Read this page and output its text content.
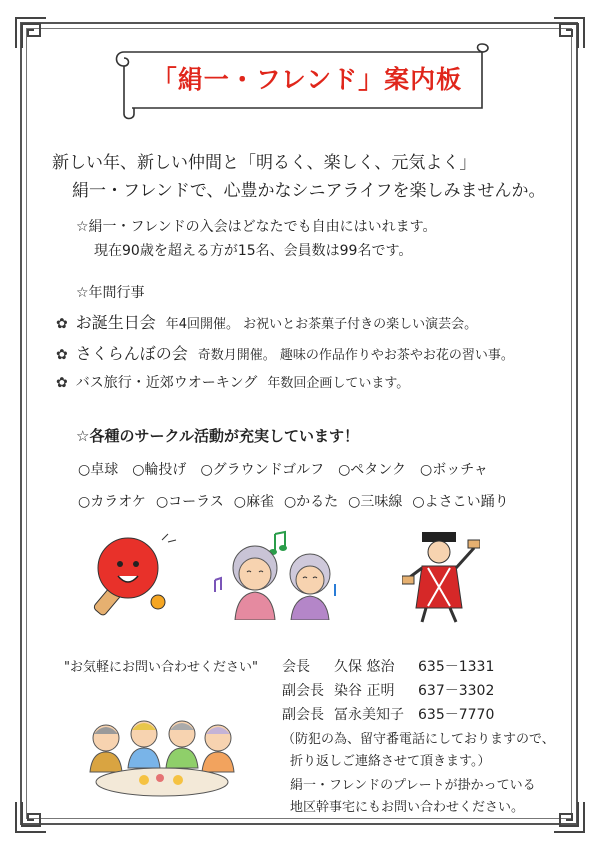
「絹一・フレンド」案内板
新しい年、新しい仲間と「明るく、楽しく、元気よく」
絹一・フレンドで、心豊かなシニアライフを楽しみませんか。
☆絹一・フレンドの入会はどなたでも自由にはいれます。
現在90歳を超える方が15名、会員数は99名です。
☆年間行事
✿ お誕生日会 年4回開催。 お祝いとお茶菓子付きの楽しい演芸会。
✿ さくらんぼの会 奇数月開催。 趣味の作品作りやお茶やお花の習い事。
✿ バス旅行・近郊ウオーキング 年数回企画しています。
☆各種のサークル活動が充実しています！
○卓球 ○輪投げ ○グラウンドゴルフ ○ペタンク ○ボッチャ
○カラオケ ○コーラス ○麻雀 ○かるた ○三味線 ○よさこい踊り
"お気軽にお問い合わせください" 会長 久保 悠治 635－1331
副会長 染谷 正明 637－3302
副会長 冨永美知子 635－7770
（防犯の為、留守番電話にしておりますので、
折り返しご連絡させて頂きます。）
絹一・フレンドのプレートが掛かっている
地区幹事宅にもお問い合わせください。
